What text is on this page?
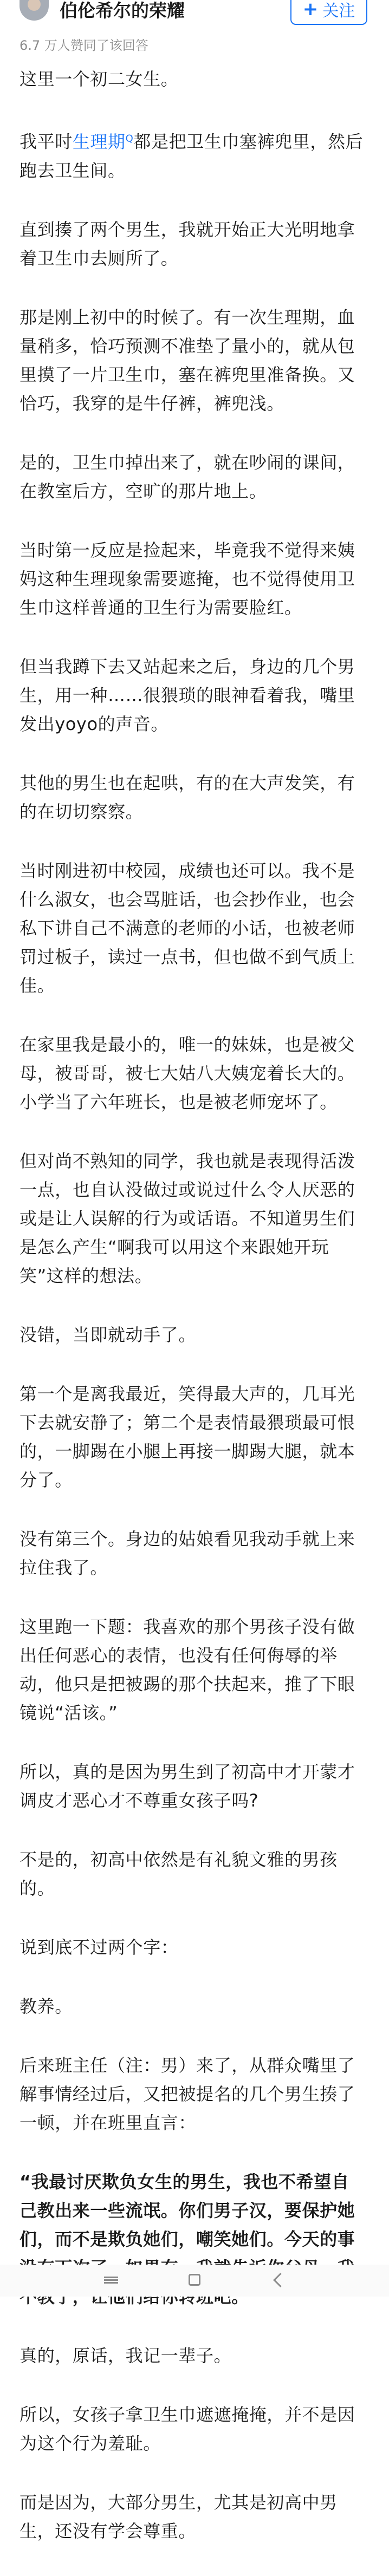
伯伦希尔的荣耀	+ 关注
6.7 万人赞同了该回答

这里一个初二女生。

我平时生理期$^Q$都是把卫生巾塞裤兜里，然后跑去卫生间。

直到揍了两个男生，我就开始正大光明地拿着卫生巾去厕所了。

那是刚上初中的时候了。有一次生理期，血量稍多，恰巧预测不准垫了量小的，就从包里摸了一片卫生巾，塞在裤兜里准备换。又恰巧，我穿的是牛仔裤，裤兜浅。

是的，卫生巾掉出来了，就在吵闹的课间，在教室后方，空旷的那片地上。

当时第一反应是捡起来，毕竟我不觉得来姨妈这种生理现象需要遮掩，也不觉得使用卫生巾这样普通的卫生行为需要脸红。

但当我蹲下去又站起来之后，身边的几个男生，用一种……很猥琐的眼神看着我，嘴里发出yoyo的声音。

其他的男生也在起哄，有的在大声发笑，有的在切切察察。

当时刚进初中校园，成绩也还可以。我不是什么淑女，也会骂脏话，也会抄作业，也会私下讲自己不满意的老师的小话，也被老师罚过板子，读过一点书，但也做不到气质上佳。

在家里我是最小的，唯一的妹妹，也是被父母，被哥哥，被七大姑八大姨宠着长大的。小学当了六年班长，也是被老师宠坏了。

但对尚不熟知的同学，我也就是表现得活泼一点，也自认没做过或说过什么令人厌恶的或是让人误解的行为或话语。不知道男生们是怎么产生“啊我可以用这个来跟她开玩笑”这样的想法。

没错，当即就动手了。

第一个是离我最近，笑得最大声的，几耳光下去就安静了；第二个是表情最猥琐最可恨的，一脚踢在小腿上再接一脚踢大腿，就本分了。

没有第三个。身边的姑娘看见我动手就上来拉住我了。

这里跑一下题：我喜欢的那个男孩子没有做出任何恶心的表情，也没有任何侮辱的举动，他只是把被踢的那个扶起来，推了下眼镜说“活该。”

所以，真的是因为男生到了初高中才开蒙才调皮才恶心才不尊重女孩子吗?

不是的，初高中依然是有礼貌文雅的男孩的。

说到底不过两个字：

教养。

后来班主任（注：男）来了，从群众嘴里了解事情经过后，又把被提名的几个男生揍了一顿，并在班里直言：

“我最讨厌欺负女生的男生，我也不希望自己教出来一些流氓。你们男子汉，要保护她们，而不是欺负她们，嘲笑她们。今天的事

真的，原话，我记一辈子。

所以，女孩子拿卫生巾遮遮掩掩，并不是因为这个行为羞耻。

而是因为，大部分男生，尤其是初高中男生，还没有学会尊重。
